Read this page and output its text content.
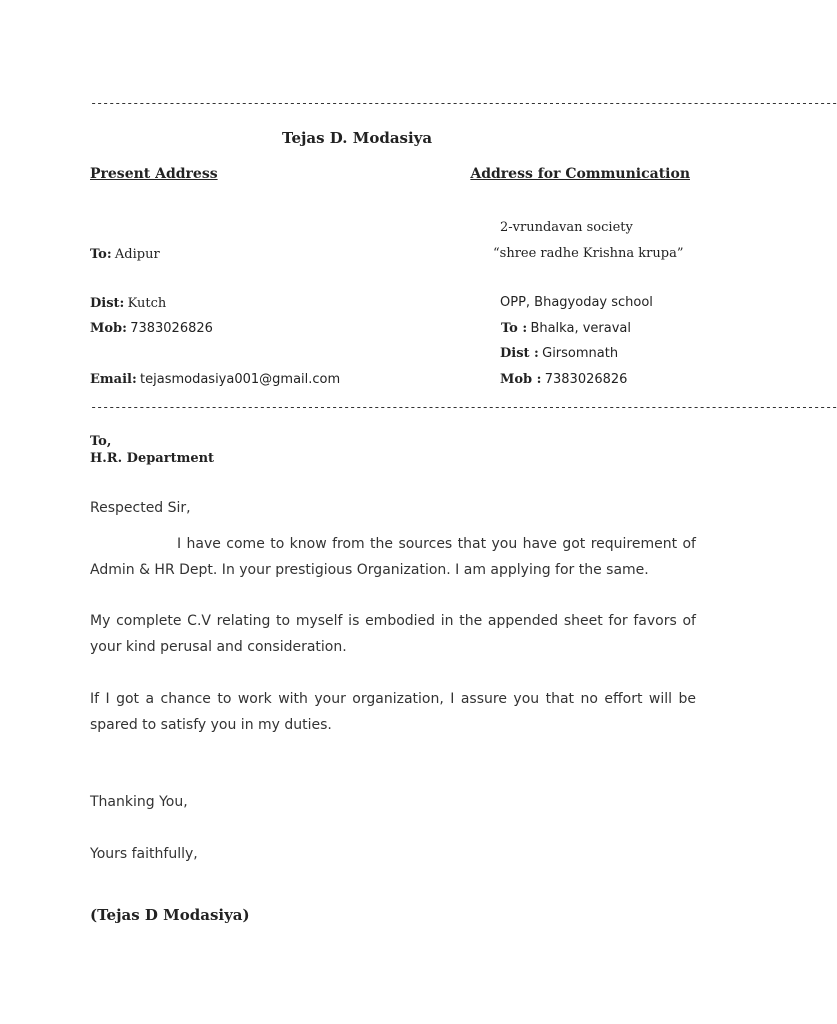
----------------------------------------------------------------------------------------------------------------------------
Tejas D. Modasiya
Present Address	Address for Communication
To: Adipur
Dist: Kutch
Mob: 7383026826
Email: tejasmodasiya001@gmail.com
2-vrundavan society
“shree radhe Krishna krupa”
OPP, Bhagyoday school
To : Bhalka, veraval
Dist : Girsomnath
Mob : 7383026826
----------------------------------------------------------------------------------------------------------------------------
To,
H.R. Department
Respected Sir,
I have come to know from the sources that you have got requirement of Admin & HR Dept. In your prestigious Organization. I am applying for the same.
My complete C.V relating to myself is embodied in the appended sheet for favors of your kind perusal and consideration.
If I got a chance to work with your organization, I assure you that no effort will be spared to satisfy you in my duties.
Thanking You,
Yours faithfully,
(Tejas D Modasiya)
